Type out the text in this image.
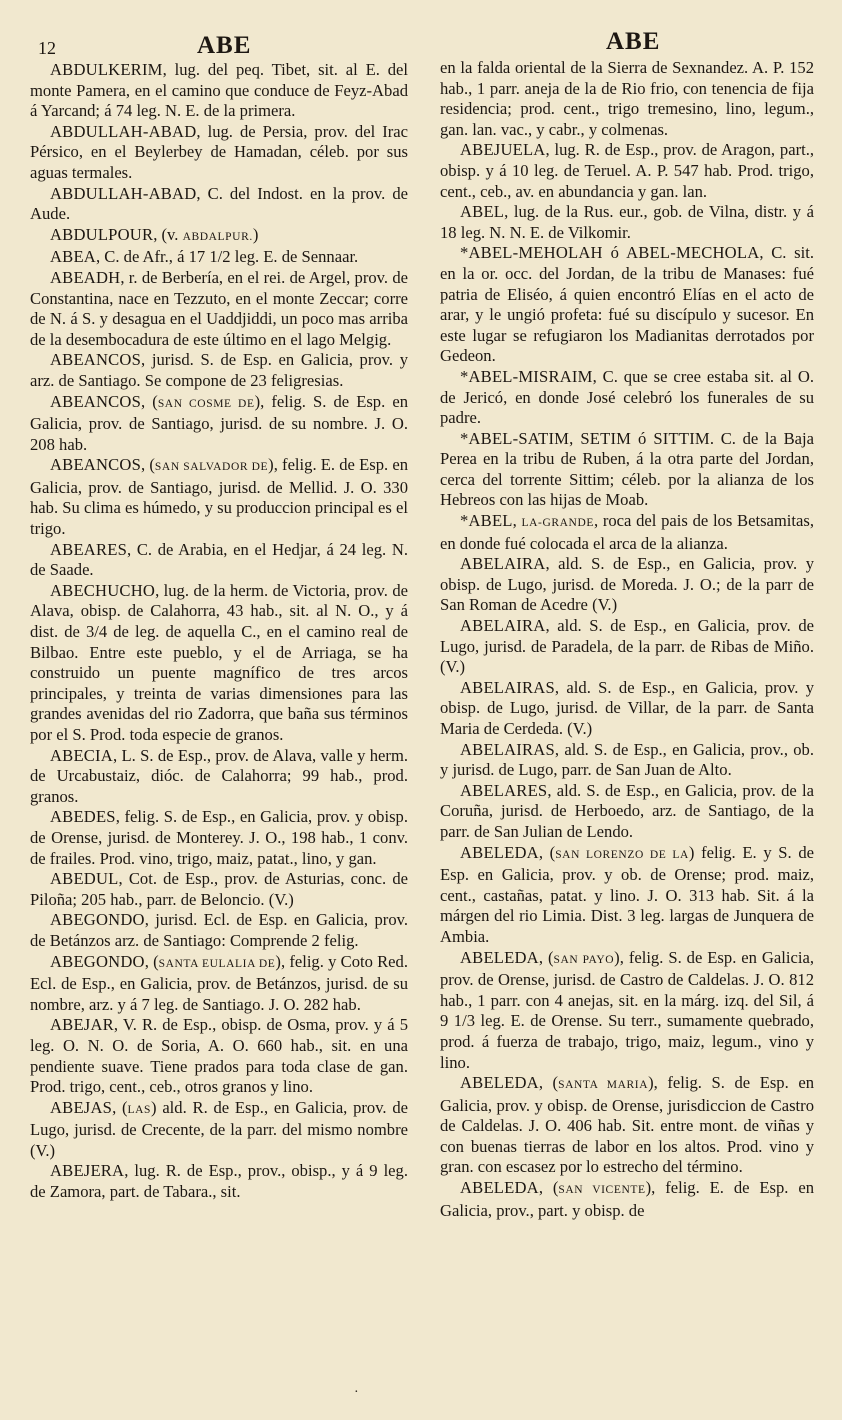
12	ABE	ABE

ABDULKERIM, lug. del peq. Tibet, sit. al E. del monte Pamera, en el camino que conduce de Feyz-Abad á Yarcand; á 74 leg. N. E. de la primera.

ABDULLAH-ABAD, lug. de Persia, prov. del Irac Pérsico, en el Beylerbey de Hamadan, céleb. por sus aguas termales.

ABDULLAH-ABAD, C. del Indost. en la prov. de Aude.

ABDULPOUR, (v. ABDALPUR.)

ABEA, C. de Afr., á 17 1/2 leg. E. de Sennaar.

ABEADH, r. de Berbería, en el rei. de Argel, prov. de Constantina, nace en Tezzuto, en el monte Zeccar; corre de N. á S. y desagua en el Uaddjiddi, un poco mas arriba de la desembocadura de este último en el lago Melgig.

ABEANCOS, jurisd. S. de Esp. en Galicia, prov. y arz. de Santiago. Se compone de 23 feligresias.

ABEANCOS, (SAN COSME DE), felig. S. de Esp. en Galicia, prov. de Santiago, jurisd. de su nombre. J. O. 208 hab.

ABEANCOS, (SAN SALVADOR DE), felig. E. de Esp. en Galicia, prov. de Santiago, jurisd. de Mellid. J. O. 330 hab. Su clima es húmedo, y su produccion principal es el trigo.

ABEARES, C. de Arabia, en el Hedjar, á 24 leg. N. de Saade.

ABECHUCHO, lug. de la herm. de Victoria, prov. de Alava, obisp. de Calahorra, 43 hab., sit. al N. O., y á dist. de 3/4 de leg. de aquella C., en el camino real de Bilbao. Entre este pueblo, y el de Arriaga, se ha construido un puente magnífico de tres arcos principales, y treinta de varias dimensiones para las grandes avenidas del rio Zadorra, que baña sus términos por el S. Prod. toda especie de granos.

ABECIA, L. S. de Esp., prov. de Alava, valle y herm. de Urcabustaiz, dióc. de Calahorra; 99 hab., prod. granos.

ABEDES, felig. S. de Esp., en Galicia, prov. y obisp. de Orense, jurisd. de Monterey. J. O., 198 hab., 1 conv. de frailes. Prod. vino, trigo, maiz, patat., lino, y gan.

ABEDUL, Cot. de Esp., prov. de Asturias, conc. de Piloña; 205 hab., parr. de Beloncio. (V.)

ABEGONDO, jurisd. Ecl. de Esp. en Galicia, prov. de Betánzos arz. de Santiago: Comprende 2 felig.

ABEGONDO, (SANTA EULALIA DE), felig. y Coto Red. Ecl. de Esp., en Galicia, prov. de Betánzos, jurisd. de su nombre, arz. y á 7 leg. de Santiago. J. O. 282 hab.

ABEJAR, V. R. de Esp., obisp. de Osma, prov. y á 5 leg. O. N. O. de Soria, A. O. 660 hab., sit. en una pendiente suave. Tiene prados para toda clase de gan. Prod. trigo, cent., ceb., otros granos y lino.

ABEJAS, (LAS) ald. R. de Esp., en Galicia, prov. de Lugo, jurisd. de Crecente, de la parr. del mismo nombre (V.)

ABEJERA, lug. R. de Esp., prov., obisp., y á 9 leg. de Zamora, part. de Tabara., sit.

en la falda oriental de la Sierra de Sexnandez. A. P. 152 hab., 1 parr. aneja de la de Rio frio, con tenencia de fija residencia; prod. cent., trigo tremesino, lino, legum., gan. lan. vac., y cabr., y colmenas.

ABEJUELA, lug. R. de Esp., prov. de Aragon, part., obisp. y á 10 leg. de Teruel. A. P. 547 hab. Prod. trigo, cent., ceb., av. en abundancia y gan. lan.

ABEL, lug. de la Rus. eur., gob. de Vilna, distr. y á 18 leg. N. N. E. de Vilkomir.

*ABEL-MEHOLAH ó ABEL-MECHOLA, C. sit. en la or. occ. del Jordan, de la tribu de Manases: fué patria de Eliséo, á quien encontró Elías en el acto de arar, y le ungió profeta: fué su discípulo y sucesor. En este lugar se refugiaron los Madianitas derrotados por Gedeon.

*ABEL-MISRAIM, C. que se cree estaba sit. al O. de Jericó, en donde José celebró los funerales de su padre.

*ABEL-SATIM, SETIM ó SITTIM. C. de la Baja Perea en la tribu de Ruben, á la otra parte del Jordan, cerca del torrente Sittim; céleb. por la alianza de los Hebreos con las hijas de Moab.

*ABEL, LA-GRANDE, roca del pais de los Betsamitas, en donde fué colocada el arca de la alianza.

ABELAIRA, ald. S. de Esp., en Galicia, prov. y obisp. de Lugo, jurisd. de Moreda. J. O.; de la parr de San Roman de Acedre (V.)

ABELAIRA, ald. S. de Esp., en Galicia, prov. de Lugo, jurisd. de Paradela, de la parr. de Ribas de Miño. (V.)

ABELAIRAS, ald. S. de Esp., en Galicia, prov. y obisp. de Lugo, jurisd. de Villar, de la parr. de Santa Maria de Cerdeda. (V.)

ABELAIRAS, ald. S. de Esp., en Galicia, prov., ob. y jurisd. de Lugo, parr. de San Juan de Alto.

ABELARES, ald. S. de Esp., en Galicia, prov. de la Coruña, jurisd. de Herboedo, arz. de Santiago, de la parr. de San Julian de Lendo.

ABELEDA, (SAN LORENZO DE LA) felig. E. y S. de Esp. en Galicia, prov. y ob. de Orense; prod. maiz, cent., castañas, patat. y lino. J. O. 313 hab. Sit. á la márgen del rio Limia. Dist. 3 leg. largas de Junquera de Ambia.

ABELEDA, (SAN PAYO), felig. S. de Esp. en Galicia, prov. de Orense, jurisd. de Castro de Caldelas. J. O. 812 hab., 1 parr. con 4 anejas, sit. en la márg. izq. del Sil, á 9 1/3 leg. E. de Orense. Su terr., sumamente quebrado, prod. á fuerza de trabajo, trigo, maiz, legum., vino y lino.

ABELEDA, (SANTA MARIA), felig. S. de Esp. en Galicia, prov. y obisp. de Orense, jurisdiccion de Castro de Caldelas. J. O. 406 hab. Sit. entre mont. de viñas y con buenas tierras de labor en los altos. Prod. vino y gran. con escasez por lo estrecho del término.

ABELEDA, (SAN VICENTE), felig. E. de Esp. en Galicia, prov., part. y obisp. de

·
